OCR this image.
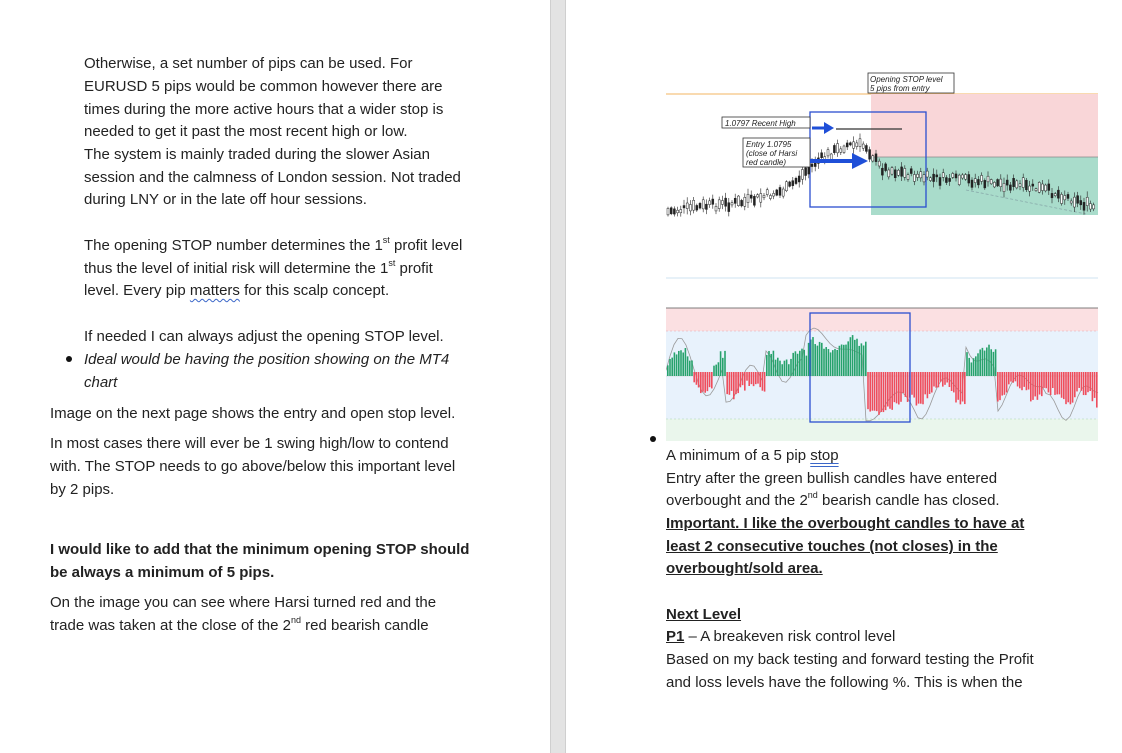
Otherwise, a set number of pips can be used. For

EURUSD 5 pips would be common however there are

times during the more active hours that a wider stop is

needed to get it past the most recent high or low.

The system is mainly traded during the slower Asian

session and the calmness of London session. Not traded

during LNY or in the late off hour sessions.

The opening STOP number determines the 1st profit level

thus the level of initial risk will determine the 1st profit

level. Every pip matters for this scalp concept.

If needed I can always adjust the opening STOP level.

Ideal would be having the position showing on the MT4

chart

Image on the next page shows the entry and open stop level.

In most cases there will ever be 1 swing high/low to contend

with. The STOP needs to go above/below this important level

by 2 pips.

I would like to add that the minimum opening STOP should

be always a minimum of 5 pips.

On the image you can see where Harsi turned red and the

trade was taken at the close of the 2nd red bearish candle

Opening STOP level
5 pips from entry
1.0797 Recent High
Entry 1.0795
(close of Harsi
red candle)

A minimum of a 5 pip stop

Entry after the green bullish candles have entered

overbought and the 2nd bearish candle has closed.

Important. I like the overbought candles to have at

least 2 consecutive touches (not closes) in the

overbought/sold area.

Next Level

P1 – A breakeven risk control level

Based on my back testing and forward testing the Profit

and loss levels have the following %. This is when the
